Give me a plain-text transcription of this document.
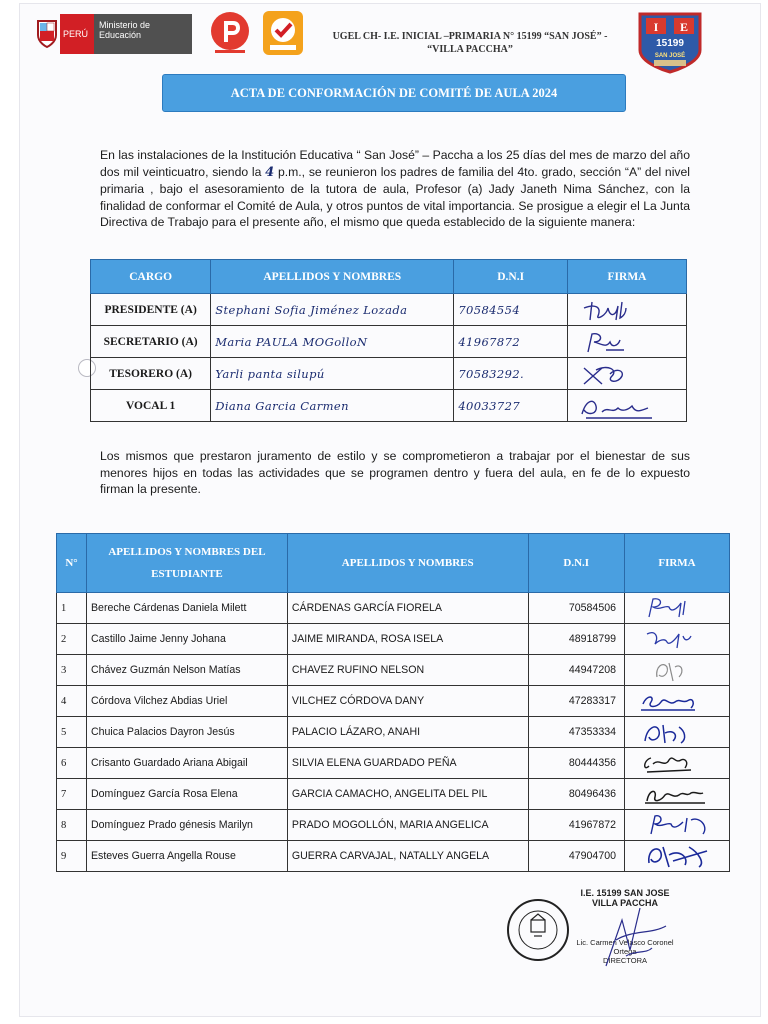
PERÚ
Ministerio de Educación	UGEL CH- I.E. INICIAL –PRIMARIA N° 15199 “SAN JOSÉ” -
“VILLA PACCHA”
I E
15199
SAN JOSÉ
ACTA DE CONFORMACIÓN DE COMITÉ DE AULA 2024
En las instalaciones de la Institución Educativa “ San José” – Paccha a los 25 días del mes de marzo del año dos mil veinticuatro, siendo la 4 p.m., se reunieron los padres de familia del 4to. grado, sección “A” del nivel primaria , bajo el asesoramiento de la tutora de aula, Profesor (a) Jady Janeth Nima Sánchez, con la finalidad de conformar el Comité de Aula, y otros puntos de vital importancia. Se prosigue a elegir el La Junta Directiva de Trabajo para el presente año, el mismo que queda establecido de la siguiente manera:
CARGO	APELLIDOS Y NOMBRES	D.N.I	FIRMA
PRESIDENTE (A)	Stephani Sofia Jiménez Lozada	70584554	

SECRETARIO (A)	Maria PAULA MOGolloN	41967872	

TESORERO (A)	Yarli panta silupú	70583292.	

VOCAL 1	Diana Garcia Carmen	40033727	
Los mismos que prestaron juramento de estilo y se comprometieron a trabajar por el bienestar de sus menores hijos en todas las actividades que se programen dentro y fuera del aula, en fe de lo expuesto firman la presente.
N°	APELLIDOS Y NOMBRES DEL ESTUDIANTE	APELLIDOS Y NOMBRES	D.N.I	FIRMA
1	Bereche Cárdenas Daniela Milett	CÁRDENAS GARCÍA FIORELA	70584506	

2	Castillo Jaime Jenny Johana	JAIME MIRANDA, ROSA ISELA	48918799	

3	Chávez Guzmán Nelson Matías	CHAVEZ RUFINO NELSON	44947208	

4	Córdova Vilchez Abdias Uriel	VILCHEZ CÓRDOVA DANY	47283317	

5	Chuica Palacios Dayron Jesús	PALACIO LÁZARO, ANAHI	47353334	

6	Crisanto Guardado Ariana Abigail	SILVIA ELENA GUARDADO PEÑA	80444356	

7	Domínguez García Rosa Elena	GARCIA CAMACHO, ANGELITA DEL PIL	80496436	

8	Domínguez Prado génesis Marilyn	PRADO MOGOLLÓN, MARIA ANGELICA	41967872	

9	Esteves Guerra Angella Rouse	GUERRA CARVAJAL, NATALLY ANGELA	47904700	
I.E. 15199 SAN JOSE VILLA PACCHA
Lic. Carmen Velasco Coronel Ortega
DIRECTORA
